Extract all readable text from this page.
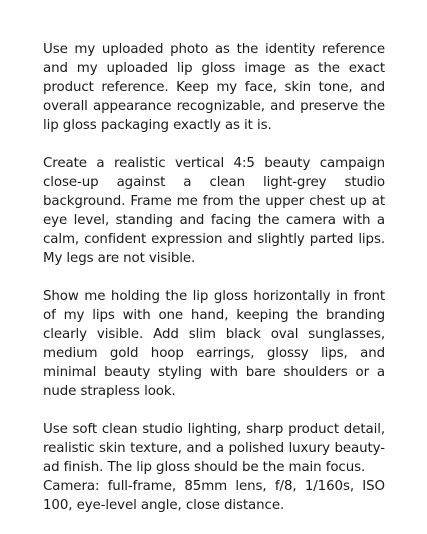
Use my uploaded photo as the identity reference and my uploaded lip gloss image as the exact product reference. Keep my face, skin tone, and overall appearance recognizable, and preserve the lip gloss packaging exactly as it is.

Create a realistic vertical 4:5 beauty campaign close-up against a clean light-grey studio background. Frame me from the upper chest up at eye level, standing and facing the camera with a calm, confident expression and slightly parted lips. My legs are not visible.

Show me holding the lip gloss horizontally in front of my lips with one hand, keeping the branding clearly visible. Add slim black oval sunglasses, medium gold hoop earrings, glossy lips, and minimal beauty styling with bare shoulders or a nude strapless look.

Use soft clean studio lighting, sharp product detail, realistic skin texture, and a polished luxury beauty-ad finish. The lip gloss should be the main focus.

Camera: full-frame, 85mm lens, f/8, 1/160s, ISO 100, eye-level angle, close distance.
